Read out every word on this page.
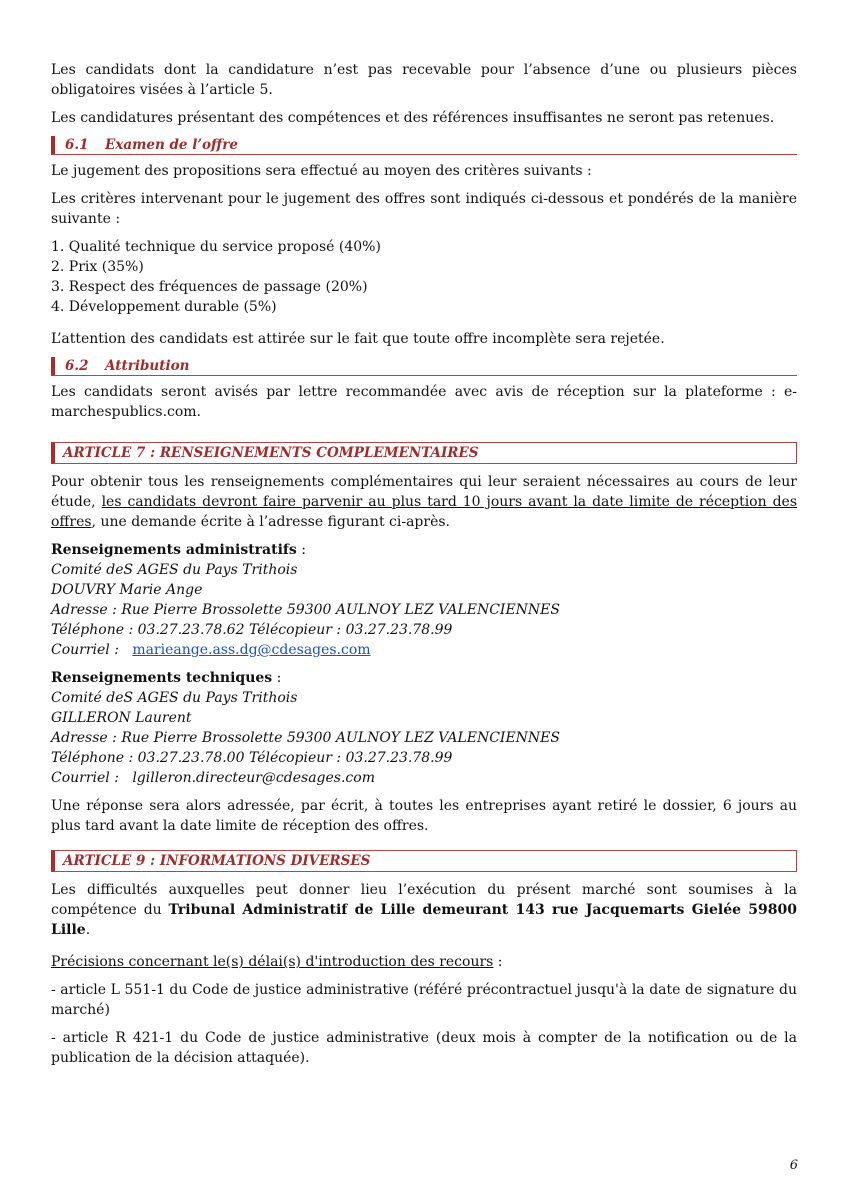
Les candidats dont la candidature n’est pas recevable pour l’absence d’une ou plusieurs pièces obligatoires visées à l’article 5.

Les candidatures présentant des compétences et des références insuffisantes ne seront pas retenues.

6.1 Examen de l’offre

Le jugement des propositions sera effectué au moyen des critères suivants :

Les critères intervenant pour le jugement des offres sont indiqués ci-dessous et pondérés de la manière suivante :

1. Qualité technique du service proposé (40%)
2. Prix (35%)
3. Respect des fréquences de passage (20%)
4. Développement durable (5%)

L’attention des candidats est attirée sur le fait que toute offre incomplète sera rejetée.

6.2 Attribution

Les candidats seront avisés par lettre recommandée avec avis de réception sur la plateforme : e-marchespublics.com.

ARTICLE 7 : RENSEIGNEMENTS COMPLEMENTAIRES

Pour obtenir tous les renseignements complémentaires qui leur seraient nécessaires au cours de leur étude, les candidats devront faire parvenir au plus tard 10 jours avant la date limite de réception des offres, une demande écrite à l’adresse figurant ci-après.

Renseignements administratifs :
Comité deS AGES du Pays Trithois
DOUVRY Marie Ange
Adresse : Rue Pierre Brossolette 59300 AULNOY LEZ VALENCIENNES
Téléphone : 03.27.23.78.62 Télécopieur : 03.27.23.78.99
Courriel : marieange.ass.dg@cdesages.com
Renseignements techniques :
Comité deS AGES du Pays Trithois
GILLERON Laurent
Adresse : Rue Pierre Brossolette 59300 AULNOY LEZ VALENCIENNES
Téléphone : 03.27.23.78.00 Télécopieur : 03.27.23.78.99
Courriel : lgilleron.directeur@cdesages.com

Une réponse sera alors adressée, par écrit, à toutes les entreprises ayant retiré le dossier, 6 jours au plus tard avant la date limite de réception des offres.

ARTICLE 9 : INFORMATIONS DIVERSES

Les difficultés auxquelles peut donner lieu l’exécution du présent marché sont soumises à la compétence du Tribunal Administratif de Lille demeurant 143 rue Jacquemarts Gielée 59800 Lille.

Précisions concernant le(s) délai(s) d'introduction des recours :

- article L 551-1 du Code de justice administrative (référé précontractuel jusqu'à la date de signature du marché)

- article R 421-1 du Code de justice administrative (deux mois à compter de la notification ou de la publication de la décision attaquée).

6
